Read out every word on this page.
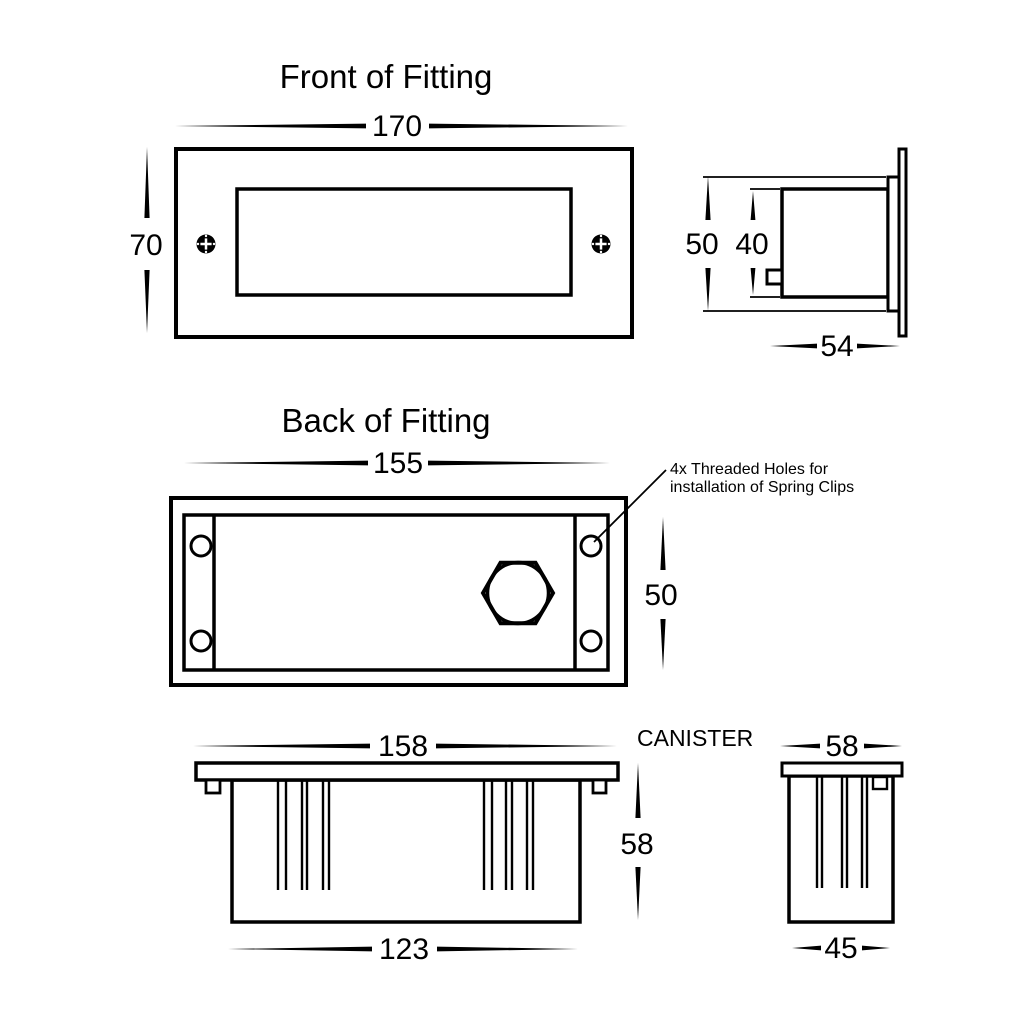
Front of Fitting
170
70	50 40
54
Back of Fitting
155	4x Threaded Holes for
installation of Spring Clips
50
158
58
123
CANISTER 58
45
